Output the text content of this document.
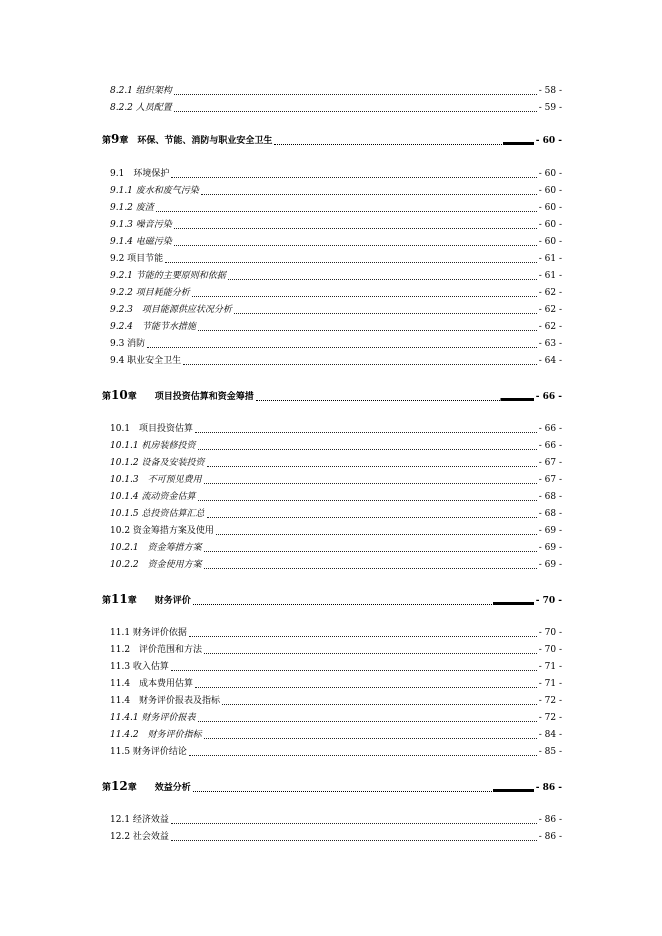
8.2.1 组织架构	- 58 -
8.2.2 人员配置	- 59 -
第9章　环保、节能、消防与职业安全卫生	- 60 -
9.1　环境保护	- 60 -
9.1.1 废水和废气污染	- 60 -
9.1.2 废渣	- 60 -
9.1.3 噪音污染	- 60 -
9.1.4 电磁污染	- 60 -
9.2 项目节能	- 61 -
9.2.1 节能的主要原则和依据	- 61 -
9.2.2 项目耗能分析	- 62 -
9.2.3　项目能源供应状况分析	- 62 -
9.2.4　节能节水措施	- 62 -
9.3 消防	- 63 -
9.4 职业安全卫生	- 64 -
第10章　　项目投资估算和资金筹措	- 66 -
10.1　项目投资估算	- 66 -
10.1.1 机房装修投资	- 66 -
10.1.2 设备及安装投资	- 67 -
10.1.3　不可预见费用	- 67 -
10.1.4 流动资金估算	- 68 -
10.1.5 总投资估算汇总	- 68 -
10.2 资金筹措方案及使用	- 69 -
10.2.1　资金筹措方案	- 69 -
10.2.2　资金使用方案	- 69 -
第11章　　财务评价	- 70 -
11.1 财务评价依据	- 70 -
11.2　评价范围和方法	- 70 -
11.3 收入估算	- 71 -
11.4　成本费用估算	- 71 -
11.4　财务评价报表及指标	- 72 -
11.4.1 财务评价报表	- 72 -
11.4.2　财务评价指标	- 84 -
11.5 财务评价结论	- 85 -
第12章　　效益分析	- 86 -
12.1 经济效益	- 86 -
12.2 社会效益	- 86 -
